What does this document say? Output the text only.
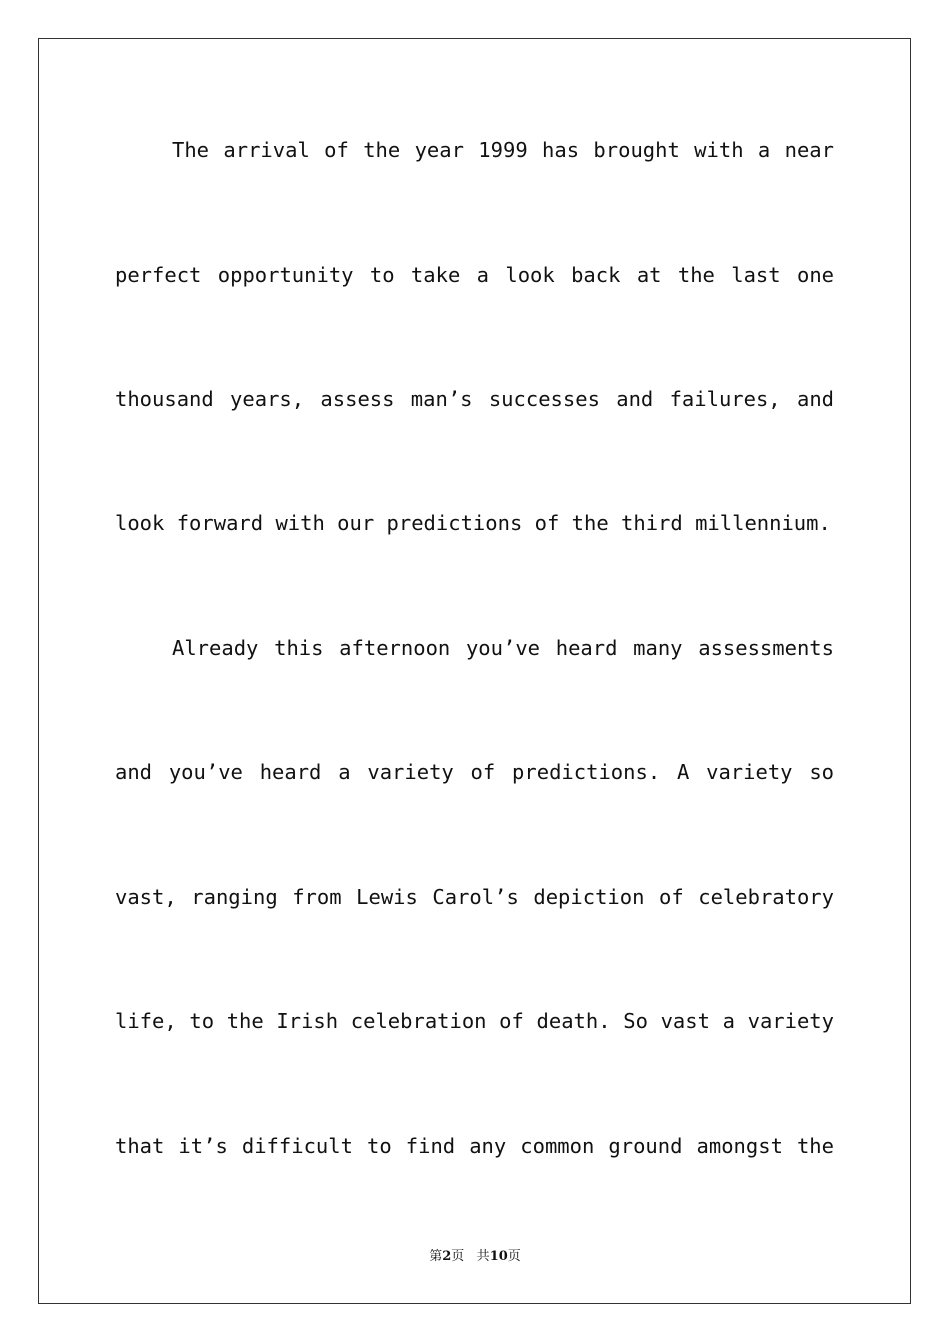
The arrival of the year 1999 has brought with a near
perfect opportunity to take a look back at the last one
thousand years, assess man’s successes and failures, and
look forward with our predictions of the third millennium.
Already this afternoon you’ve heard many assessments
and you’ve heard a variety of predictions. A variety so
vast, ranging from Lewis Carol’s depiction of celebratory
life, to the Irish celebration of death. So vast a variety
that it’s difficult to find any common ground amongst the
第2页 共10页
